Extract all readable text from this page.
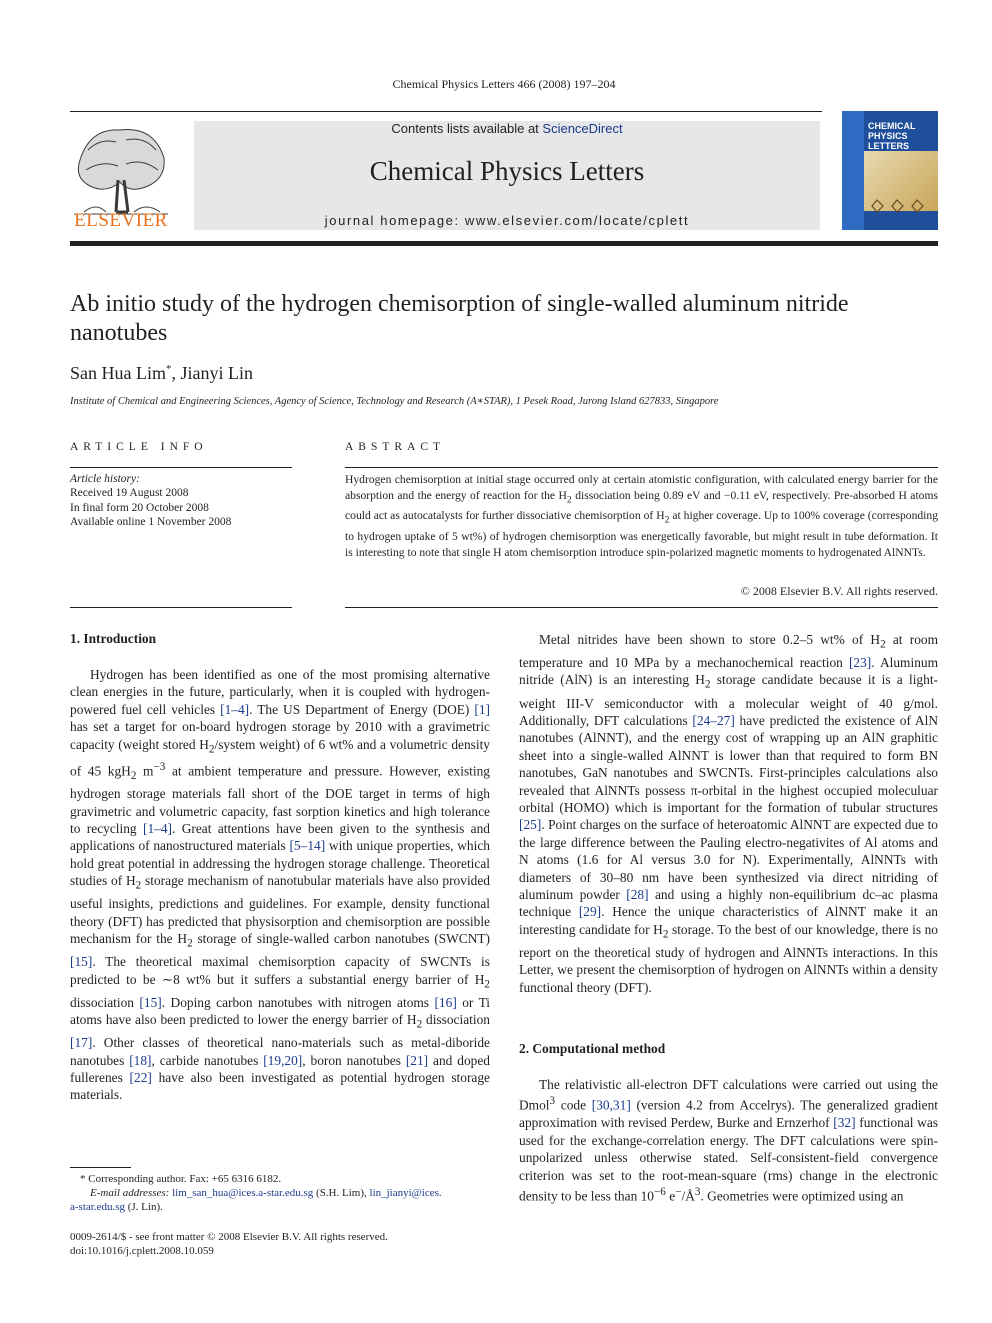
Chemical Physics Letters 466 (2008) 197–204
ELSEVIER
Contents lists available at ScienceDirect
Chemical Physics Letters
journal homepage: www.elsevier.com/locate/cplett
CHEMICAL
PHYSICS
LETTERS
Ab initio study of the hydrogen chemisorption of single-walled aluminum nitride nanotubes
San Hua Lim*, Jianyi Lin
Institute of Chemical and Engineering Sciences, Agency of Science, Technology and Research (A∗STAR), 1 Pesek Road, Jurong Island 627833, Singapore
ARTICLE INFO	ABSTRACT
Article history:
Received 19 August 2008
In final form 20 October 2008
Available online 1 November 2008
Hydrogen chemisorption at initial stage occurred only at certain atomistic configuration, with calculated energy barrier for the absorption and the energy of reaction for the $H_2$ dissociation being 0.89 eV and −0.11 eV, respectively. Pre-absorbed H atoms could act as autocatalysts for further dissociative chemisorption of $H_2$ at higher coverage. Up to 100% coverage (corresponding to hydrogen uptake of 5 wt%) of hydrogen chemisorption was energetically favorable, but might result in tube deformation. It is interesting to note that single H atom chemisorption introduce spin-polarized magnetic moments to hydrogenated AlNNTs.
© 2008 Elsevier B.V. All rights reserved.
1. Introduction

Hydrogen has been identified as one of the most promising alternative clean energies in the future, particularly, when it is coupled with hydrogen-powered fuel cell vehicles [1–4]. The US Department of Energy (DOE) [1] has set a target for on-board hydrogen storage by 2010 with a gravimetric capacity (weight stored $H_2$/system weight) of 6 wt% and a volumetric density of 45 kgH$_2$ $m^{-3}$ at ambient temperature and pressure. However, existing hydrogen storage materials fall short of the DOE target in terms of high gravimetric and volumetric capacity, fast sorption kinetics and high tolerance to recycling [1–4]. Great attentions have been given to the synthesis and applications of nanostructured materials [5–14] with unique properties, which hold great potential in addressing the hydrogen storage challenge. Theoretical studies of $H_2$ storage mechanism of nanotubular materials have also provided useful insights, predictions and guidelines. For example, density functional theory (DFT) has predicted that physisorption and chemisorption are possible mechanism for the $H_2$ storage of single-walled carbon nanotubes (SWCNT) [15]. The theoretical maximal chemisorption capacity of SWCNTs is predicted to be ∼8 wt% but it suffers a substantial energy barrier of $H_2$ dissociation [15]. Doping carbon nanotubes with nitrogen atoms [16] or Ti atoms have also been predicted to lower the energy barrier of $H_2$ dissociation [17]. Other classes of theoretical nano-materials such as metal-diboride nanotubes [18], carbide nanotubes [19,20], boron nanotubes [21] and doped fullerenes [22] have also been investigated as potential hydrogen storage materials.

Metal nitrides have been shown to store 0.2–5 wt% of $H_2$ at room temperature and 10 MPa by a mechanochemical reaction [23]. Aluminum nitride (AlN) is an interesting $H_2$ storage candidate because it is a light-weight III-V semiconductor with a molecular weight of 40 g/mol. Additionally, DFT calculations [24–27] have predicted the existence of AlN nanotubes (AlNNT), and the energy cost of wrapping up an AlN graphitic sheet into a single-walled AlNNT is lower than that required to form BN nanotubes, GaN nanotubes and SWCNTs. First-principles calculations also revealed that AlNNTs possess π-orbital in the highest occupied moleculuar orbital (HOMO) which is important for the formation of tubular structures [25]. Point charges on the surface of heteroatomic AlNNT are expected due to the large difference between the Pauling electro-negativites of Al atoms and N atoms (1.6 for Al versus 3.0 for N). Experimentally, AlNNTs with diameters of 30–80 nm have been synthesized via direct nitriding of aluminum powder [28] and using a highly non-equilibrium dc–ac plasma technique [29]. Hence the unique characteristics of AlNNT make it an interesting candidate for $H_2$ storage. To the best of our knowledge, there is no report on the theoretical study of hydrogen and AlNNTs interactions. In this Letter, we present the chemisorption of hydrogen on AlNNTs within a density functional theory (DFT).

2. Computational method

The relativistic all-electron DFT calculations were carried out using the Dmol$^3$ code [30,31] (version 4.2 from Accelrys). The generalized gradient approximation with revised Perdew, Burke and Ernzerhof [32] functional was used for the exchange-correlation energy. The DFT calculations were spin-unpolarized unless otherwise stated. Self-consistent-field convergence criterion was set to the root-mean-square (rms) change in the electronic density to be less than $10^{-6}$ $e^-/Å^3$. Geometries were optimized using an

* Corresponding author. Fax: +65 6316 6182.
E-mail addresses: lim_san_hua@ices.a-star.edu.sg (S.H. Lim), lin_jianyi@ices.
a-star.edu.sg (J. Lin).
0009-2614/$ - see front matter © 2008 Elsevier B.V. All rights reserved.
doi:10.1016/j.cplett.2008.10.059
